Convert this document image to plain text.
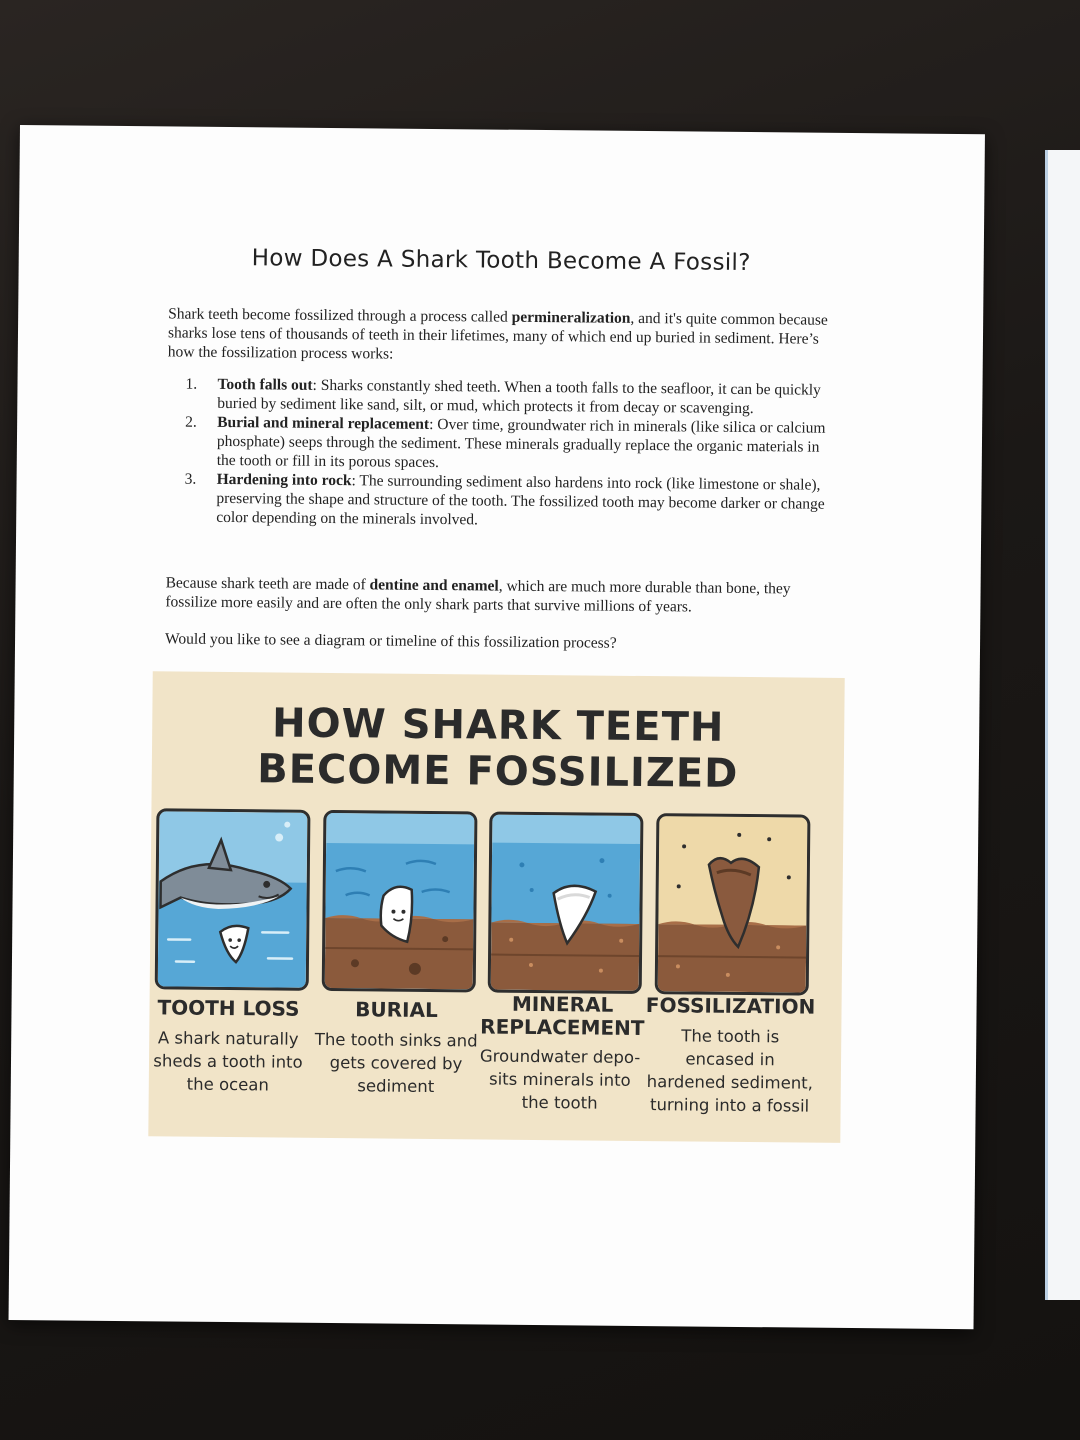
How Does A Shark Tooth Become A Fossil?
Shark teeth become fossilized through a process called permineralization, and it's quite common because sharks lose tens of thousands of teeth in their lifetimes, many of which end up buried in sediment. Here’s how the fossilization process works:
1. Tooth falls out: Sharks constantly shed teeth. When a tooth falls to the seafloor, it can be quickly buried by sediment like sand, silt, or mud, which protects it from decay or scavenging.
2. Burial and mineral replacement: Over time, groundwater rich in minerals (like silica or calcium phosphate) seeps through the sediment. These minerals gradually replace the organic materials in the tooth or fill in its porous spaces.
3. Hardening into rock: The surrounding sediment also hardens into rock (like limestone or shale), preserving the shape and structure of the tooth. The fossilized tooth may become darker or change color depending on the minerals involved.
Because shark teeth are made of dentine and enamel, which are much more durable than bone, they fossilize more easily and are often the only shark parts that survive millions of years.
Would you like to see a diagram or timeline of this fossilization process?
HOW SHARK TEETH
BECOME FOSSILIZED
TOOTH LOSS
A shark naturally sheds a tooth into the ocean
BURIAL
The tooth sinks and gets covered by sediment
MINERAL REPLACEMENT
Groundwater depo- sits minerals into the tooth
FOSSILIZATION
The tooth is encased in hardened sediment, turning into a fossil
